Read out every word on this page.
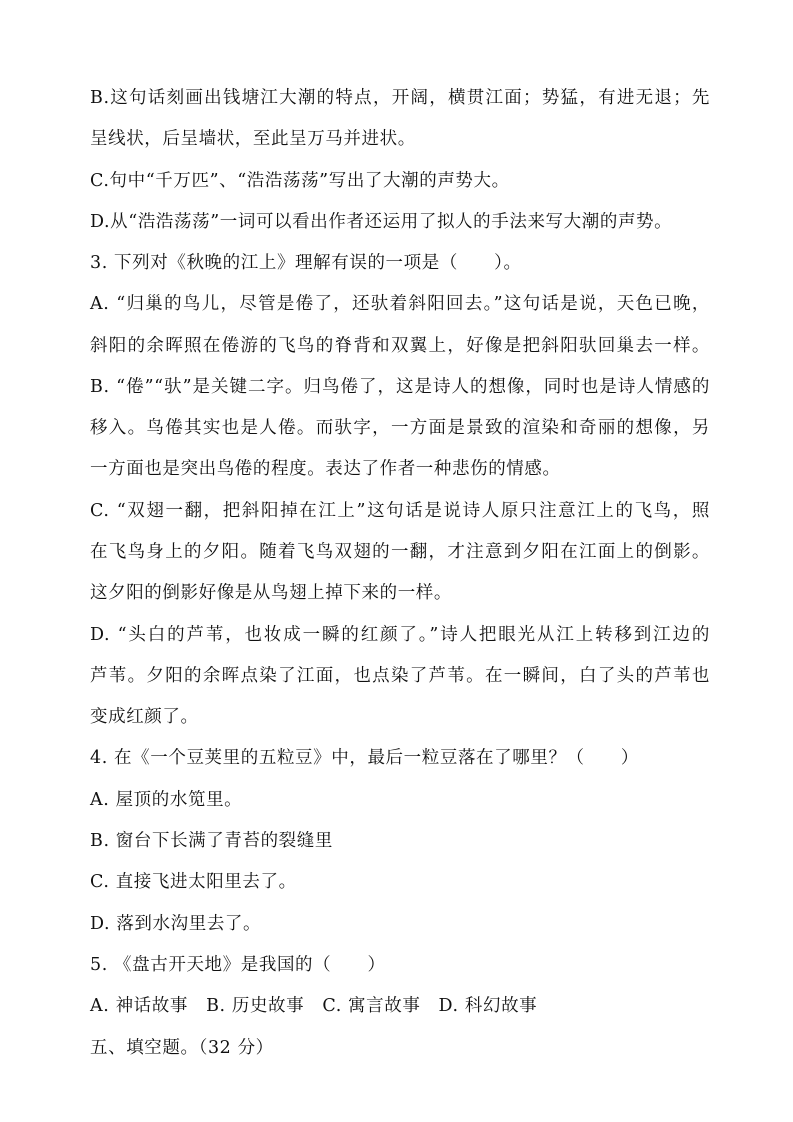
B.这句话刻画出钱塘江大潮的特点，开阔，横贯江面；势猛，有进无退；先
呈线状，后呈墙状，至此呈万马并进状。
C.句中“千万匹”、“浩浩荡荡”写出了大潮的声势大。
D.从“浩浩荡荡”一词可以看出作者还运用了拟人的手法来写大潮的声势。
3. 下列对《秋晚的江上》理解有误的一项是（　　）。
A. “归巢的鸟儿，尽管是倦了，还驮着斜阳回去。”这句话是说，天色已晚，
斜阳的余晖照在倦游的飞鸟的脊背和双翼上，好像是把斜阳驮回巢去一样。
B. “倦”“驮”是关键二字。归鸟倦了，这是诗人的想像，同时也是诗人情感的
移入。鸟倦其实也是人倦。而驮字，一方面是景致的渲染和奇丽的想像，另
一方面也是突出鸟倦的程度。表达了作者一种悲伤的情感。
C. “双翅一翻，把斜阳掉在江上”这句话是说诗人原只注意江上的飞鸟，照
在飞鸟身上的夕阳。随着飞鸟双翅的一翻，才注意到夕阳在江面上的倒影。
这夕阳的倒影好像是从鸟翅上掉下来的一样。
D. “头白的芦苇，也妆成一瞬的红颜了。”诗人把眼光从江上转移到江边的
芦苇。夕阳的余晖点染了江面，也点染了芦苇。在一瞬间，白了头的芦苇也
变成红颜了。
4. 在《一个豆荚里的五粒豆》中，最后一粒豆落在了哪里？（　　）
A. 屋顶的水笕里。
B. 窗台下长满了青苔的裂缝里
C. 直接飞进太阳里去了。
D. 落到水沟里去了。
5. 《盘古开天地》是我国的（　　）
A. 神话故事　B. 历史故事　C. 寓言故事　D. 科幻故事
五、填空题。（32 分）
